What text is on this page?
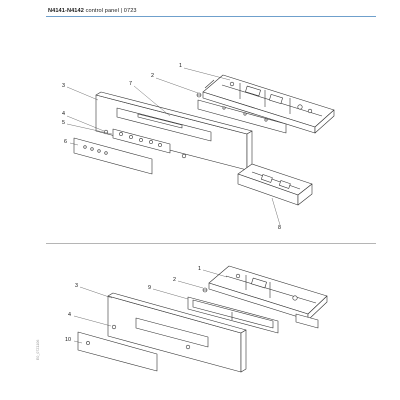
N4141-N4142 control panel | 0723
1
2
7
3
4
5
6
8
1
2
9
3
4
10
E0_07Z1106
